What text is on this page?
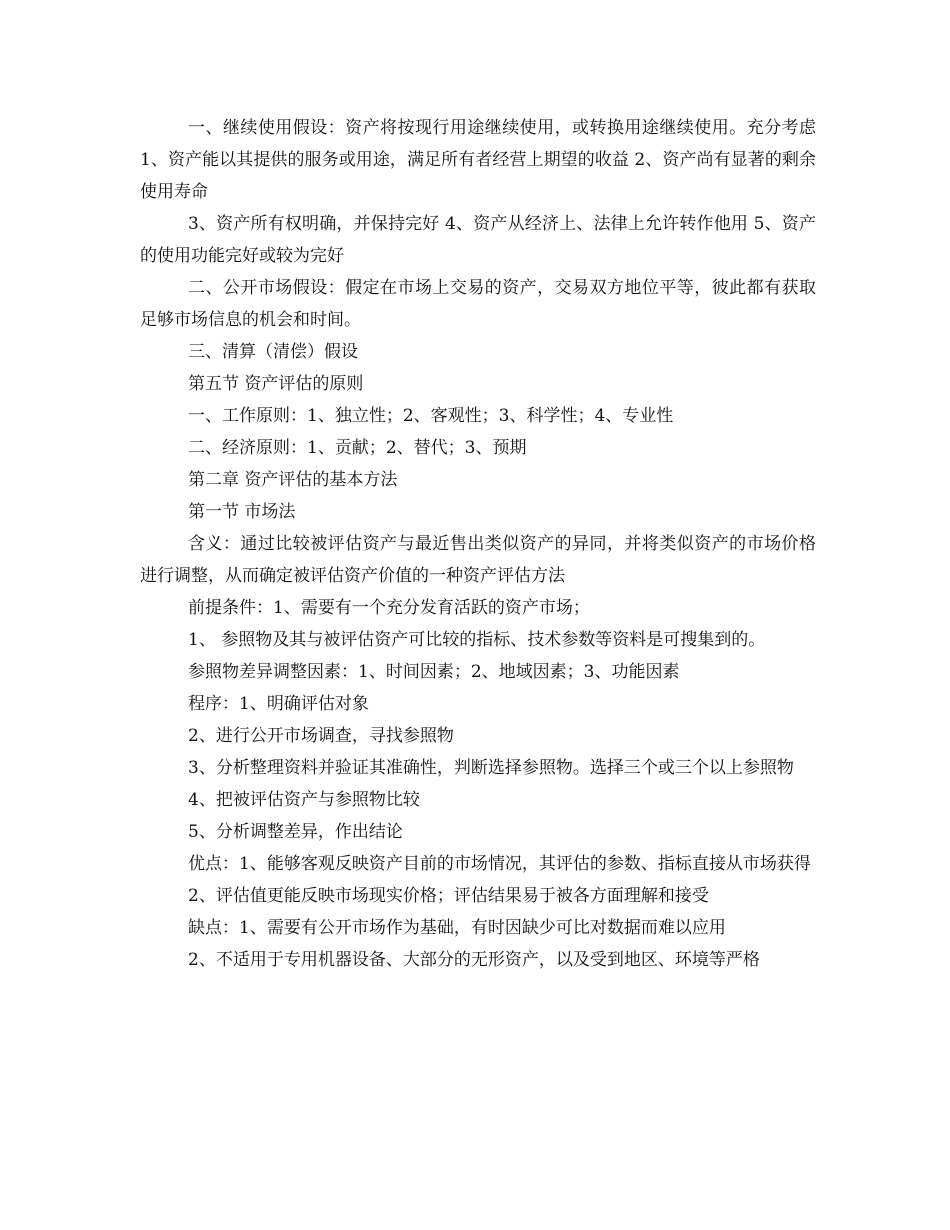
一、继续使用假设：资产将按现行用途继续使用，或转换用途继续使用。充分考虑 1、资产能以其提供的服务或用途，满足所有者经营上期望的收益 2、资产尚有显著的剩余使用寿命

3、资产所有权明确，并保持完好 4、资产从经济上、法律上允许转作他用 5、资产的使用功能完好或较为完好

二、公开市场假设：假定在市场上交易的资产，交易双方地位平等，彼此都有获取足够市场信息的机会和时间。

三、清算（清偿）假设

第五节 资产评估的原则

一、工作原则：1、独立性；2、客观性；3、科学性；4、专业性

二、经济原则：1、贡献；2、替代；3、预期

第二章 资产评估的基本方法

第一节 市场法

含义：通过比较被评估资产与最近售出类似资产的异同，并将类似资产的市场价格进行调整，从而确定被评估资产价值的一种资产评估方法

前提条件：1、需要有一个充分发育活跃的资产市场；

1、 参照物及其与被评估资产可比较的指标、技术参数等资料是可搜集到的。

参照物差异调整因素：1、时间因素；2、地域因素；3、功能因素

程序：1、明确评估对象

2、进行公开市场调查，寻找参照物

3、分析整理资料并验证其准确性，判断选择参照物。选择三个或三个以上参照物

4、把被评估资产与参照物比较

5、分析调整差异，作出结论

优点：1、能够客观反映资产目前的市场情况，其评估的参数、指标直接从市场获得

2、评估值更能反映市场现实价格；评估结果易于被各方面理解和接受

缺点：1、需要有公开市场作为基础，有时因缺少可比对数据而难以应用

2、不适用于专用机器设备、大部分的无形资产，以及受到地区、环境等严格
